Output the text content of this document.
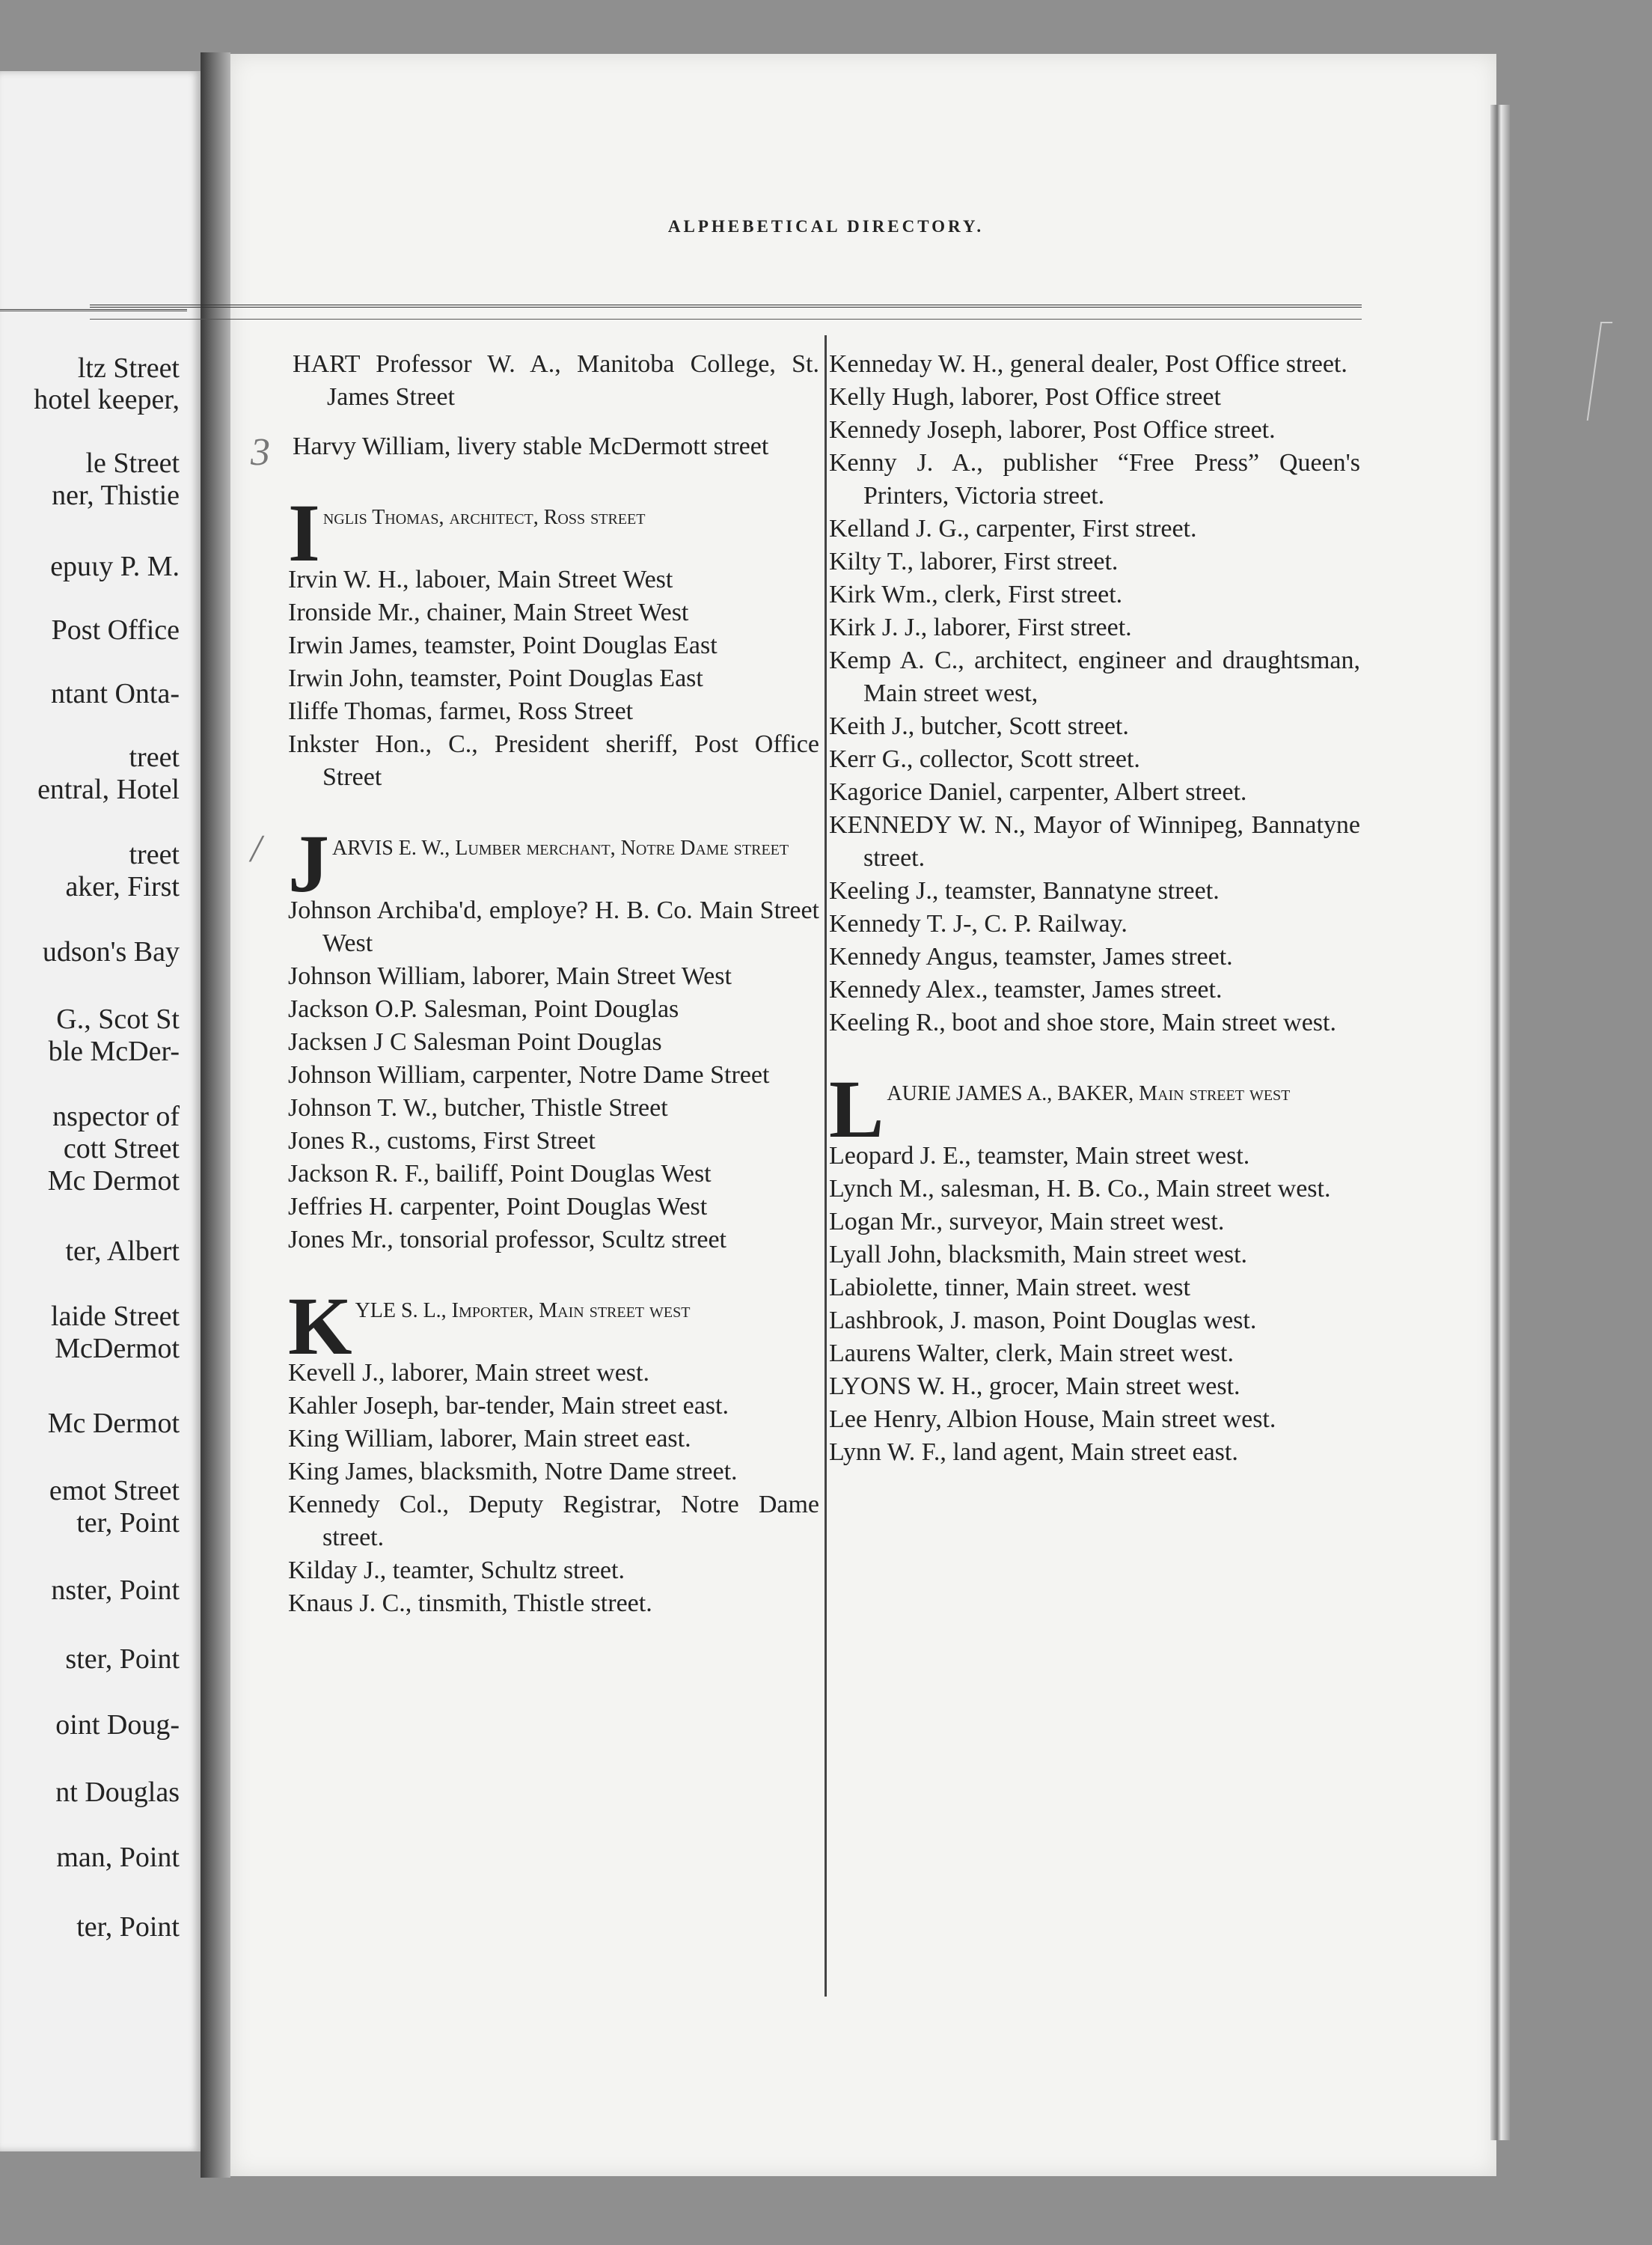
ltz Street
hotel keeper,
le Street
ner, Thistie
epuιy P. M.
Post Office
ntant Onta-
treet
entral, Hotel
treet
aker, First
udson's Bay
G., Scot St
ble McDer-
nspector of
cott Street
Mc Dermot
ter, Albert
laide Street
McDermot
Mc Dermot
emot Street
ter, Point
nster, Point
ster, Point
oint Doug-
nt Douglas
man, Point
ter, Point
ALPHEBETICAL DIRECTORY.
3
/

HART Professor W. A., Manitoba College, St. James Street

Harvy William, livery stable McDermott street

I nglis Thomas, architect, Ross street

Irvin W. H., laboιer, Main Street West

Ironside Mr., chainer, Main Street West

Irwin James, teamster, Point Douglas East

Irwin John, teamster, Point Douglas East

Iliffe Thomas, farmeι, Ross Street

Inkster Hon., C., President sheriff, Post Office Street

J ARVIS E. W., Lumber merchant, Notre Dame street

Johnson Archiba'd, employe? H. B. Co. Main Street West

Johnson William, laborer, Main Street West

Jackson O.P. Salesman, Point Douglas

Jacksen J C Salesman Point Douglas

Johnson William, carpenter, Notre Dame Street

Johnson T. W., butcher, Thistle Street

Jones R., customs, First Street

Jackson R. F., bailiff, Point Douglas West

Jeffries H. carpenter, Point Douglas West

Jones Mr., tonsorial professor, Scultz street

K YLE S. L., Importer, Main street west

Kevell J., laborer, Main street west.

Kahler Joseph, bar-tender, Main street east.

King William, laborer, Main street east.

King James, blacksmith, Notre Dame street.

Kennedy Col., Deputy Registrar, Notre Dame street.

Kilday J., teamter, Schultz street.

Knaus J. C., tinsmith, Thistle street.

Kenneday W. H., general dealer, Post Office street.

Kelly Hugh, laborer, Post Office street

Kennedy Joseph, laborer, Post Office street.

Kenny J. A., publisher “Free Press” Queen's Printers, Victoria street.

Kelland J. G., carpenter, First street.

Kilty T., laborer, First street.

Kirk Wm., clerk, First street.

Kirk J. J., laborer, First street.

Kemp A. C., architect, engineer and draughtsman, Main street west,

Keith J., butcher, Scott street.

Kerr G., collector, Scott street.

Kagorice Daniel, carpenter, Albert street.

KENNEDY W. N., Mayor of Winnipeg, Bannatyne street.

Keeling J., teamster, Bannatyne street.

Kennedy T. J-, C. P. Railway.

Kennedy Angus, teamster, James street.

Kennedy Alex., teamster, James street.

Keeling R., boot and shoe store, Main street west.

L AURIE JAMES A., BAKER, Main street west

Leopard J. E., teamster, Main street west.

Lynch M., salesman, H. B. Co., Main street west.

Logan Mr., surveyor, Main street west.

Lyall John, blacksmith, Main street west.

Labiolette, tinner, Main street. west

Lashbrook, J. mason, Point Douglas west.

Laurens Walter, clerk, Main street west.

LYONS W. H., grocer, Main street west.

Lee Henry, Albion House, Main street west.

Lynn W. F., land agent, Main street east.
